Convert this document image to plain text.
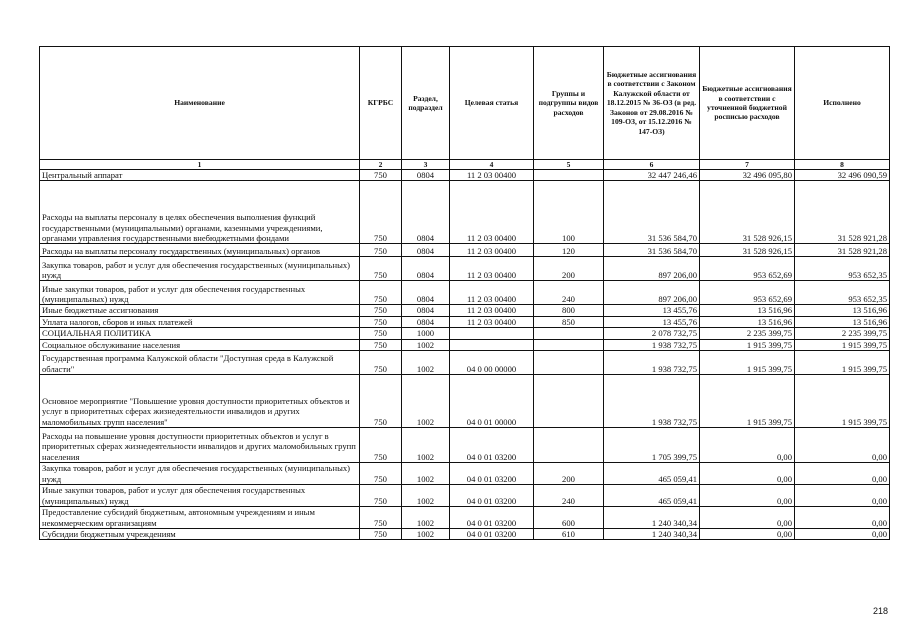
Наименование	КГРБС	Раздел, подраздел	Целевая статья	Группы и подгруппы видов расходов	Бюджетные ассигнования в соответствии с Законом Калужской области от 18.12.2015 № 36-ОЗ (в ред. Законов от 29.08.2016 № 109-ОЗ, от 15.12.2016 № 147-ОЗ)	Бюджетные ассигнования в соответствии с уточненной бюджетной росписью расходов	Исполнено
1	2	3	4	5	6	7	8
Центральный аппарат	750	0804	11 2 03 00400		32 447 246,46	32 496 095,80	32 496 090,59
Расходы на выплаты персоналу в целях обеспечения выполнения функций государственными (муниципальными) органами, казенными учреждениями, органами управления государственными внебюджетными фондами	750	0804	11 2 03 00400	100	31 536 584,70	31 528 926,15	31 528 921,28
Расходы на выплаты персоналу государственных (муниципальных) органов	750	0804	11 2 03 00400	120	31 536 584,70	31 528 926,15	31 528 921,28
Закупка товаров, работ и услуг для обеспечения государственных (муниципальных) нужд	750	0804	11 2 03 00400	200	897 206,00	953 652,69	953 652,35
Иные закупки товаров, работ и услуг для обеспечения государственных (муниципальных) нужд	750	0804	11 2 03 00400	240	897 206,00	953 652,69	953 652,35
Иные бюджетные ассигнования	750	0804	11 2 03 00400	800	13 455,76	13 516,96	13 516,96
Уплата налогов, сборов и иных платежей	750	0804	11 2 03 00400	850	13 455,76	13 516,96	13 516,96
СОЦИАЛЬНАЯ ПОЛИТИКА	750	1000			2 078 732,75	2 235 399,75	2 235 399,75
Социальное обслуживание населения	750	1002			1 938 732,75	1 915 399,75	1 915 399,75
Государственная программа Калужской области "Доступная среда в Калужской области"	750	1002	04 0 00 00000		1 938 732,75	1 915 399,75	1 915 399,75
Основное мероприятие "Повышение уровня доступности приоритетных объектов и услуг в приоритетных сферах жизнедеятельности инвалидов и других маломобильных групп населения"	750	1002	04 0 01 00000		1 938 732,75	1 915 399,75	1 915 399,75
Расходы на повышение уровня доступности приоритетных объектов и услуг в приоритетных сферах жизнедеятельности инвалидов и других маломобильных групп населения	750	1002	04 0 01 03200		1 705 399,75	0,00	0,00
Закупка товаров, работ и услуг для обеспечения государственных (муниципальных) нужд	750	1002	04 0 01 03200	200	465 059,41	0,00	0,00
Иные закупки товаров, работ и услуг для обеспечения государственных (муниципальных) нужд	750	1002	04 0 01 03200	240	465 059,41	0,00	0,00
Предоставление субсидий бюджетным, автономным учреждениям и иным некоммерческим организациям	750	1002	04 0 01 03200	600	1 240 340,34	0,00	0,00
Субсидии бюджетным учреждениям	750	1002	04 0 01 03200	610	1 240 340,34	0,00	0,00
218
